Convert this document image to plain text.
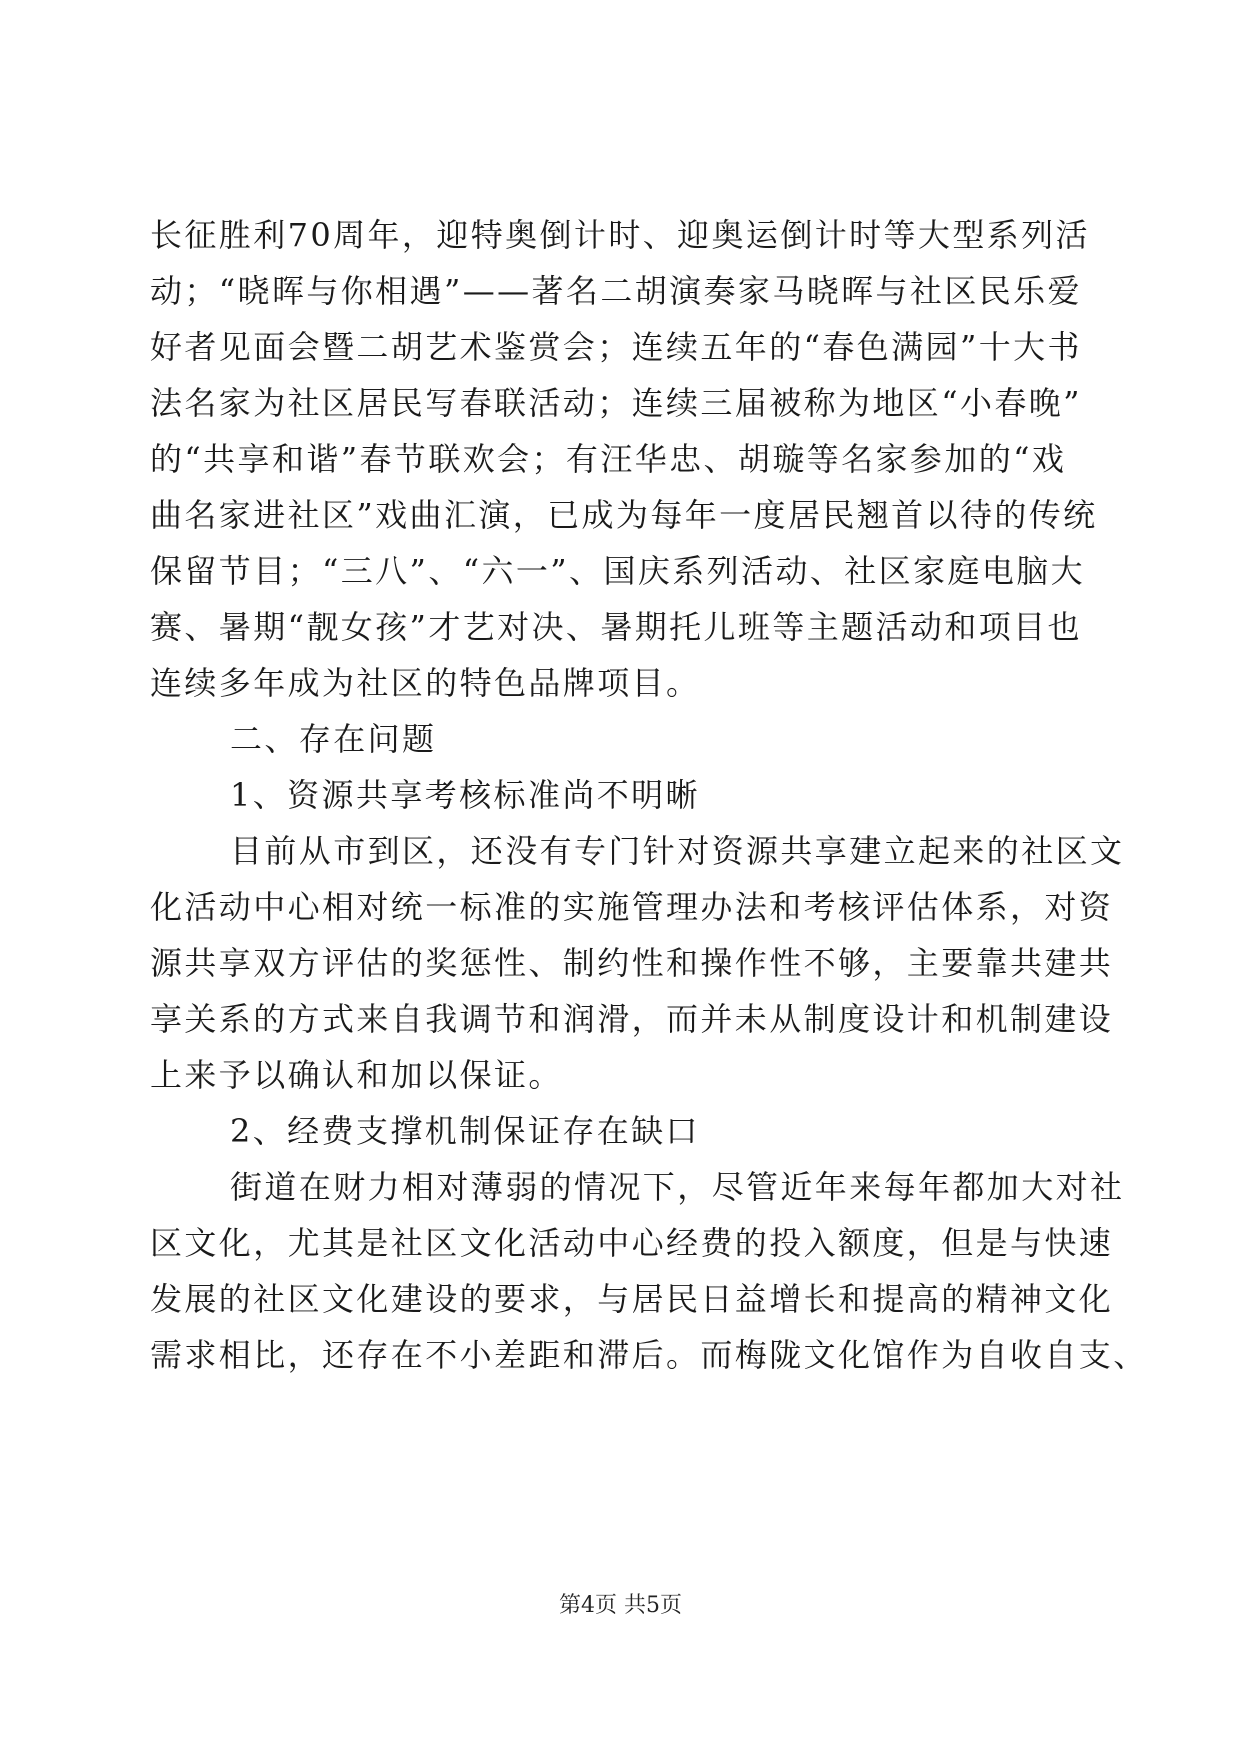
长征胜利70周年，迎特奥倒计时、迎奥运倒计时等大型系列活
动；“晓晖与你相遇”——著名二胡演奏家马晓晖与社区民乐爱
好者见面会暨二胡艺术鉴赏会；连续五年的“春色满园”十大书
法名家为社区居民写春联活动；连续三届被称为地区“小春晚”
的“共享和谐”春节联欢会；有汪华忠、胡璇等名家参加的“戏
曲名家进社区”戏曲汇演，已成为每年一度居民翘首以待的传统
保留节目；“三八”、“六一”、国庆系列活动、社区家庭电脑大
赛、暑期“靓女孩”才艺对决、暑期托儿班等主题活动和项目也
连续多年成为社区的特色品牌项目。
二、存在问题
1、资源共享考核标准尚不明晰
目前从市到区，还没有专门针对资源共享建立起来的社区文
化活动中心相对统一标准的实施管理办法和考核评估体系，对资
源共享双方评估的奖惩性、制约性和操作性不够，主要靠共建共
享关系的方式来自我调节和润滑，而并未从制度设计和机制建设
上来予以确认和加以保证。
2、经费支撑机制保证存在缺口
街道在财力相对薄弱的情况下，尽管近年来每年都加大对社
区文化，尤其是社区文化活动中心经费的投入额度，但是与快速
发展的社区文化建设的要求，与居民日益增长和提高的精神文化
需求相比，还存在不小差距和滞后。而梅陇文化馆作为自收自支、
第4页 共5页
